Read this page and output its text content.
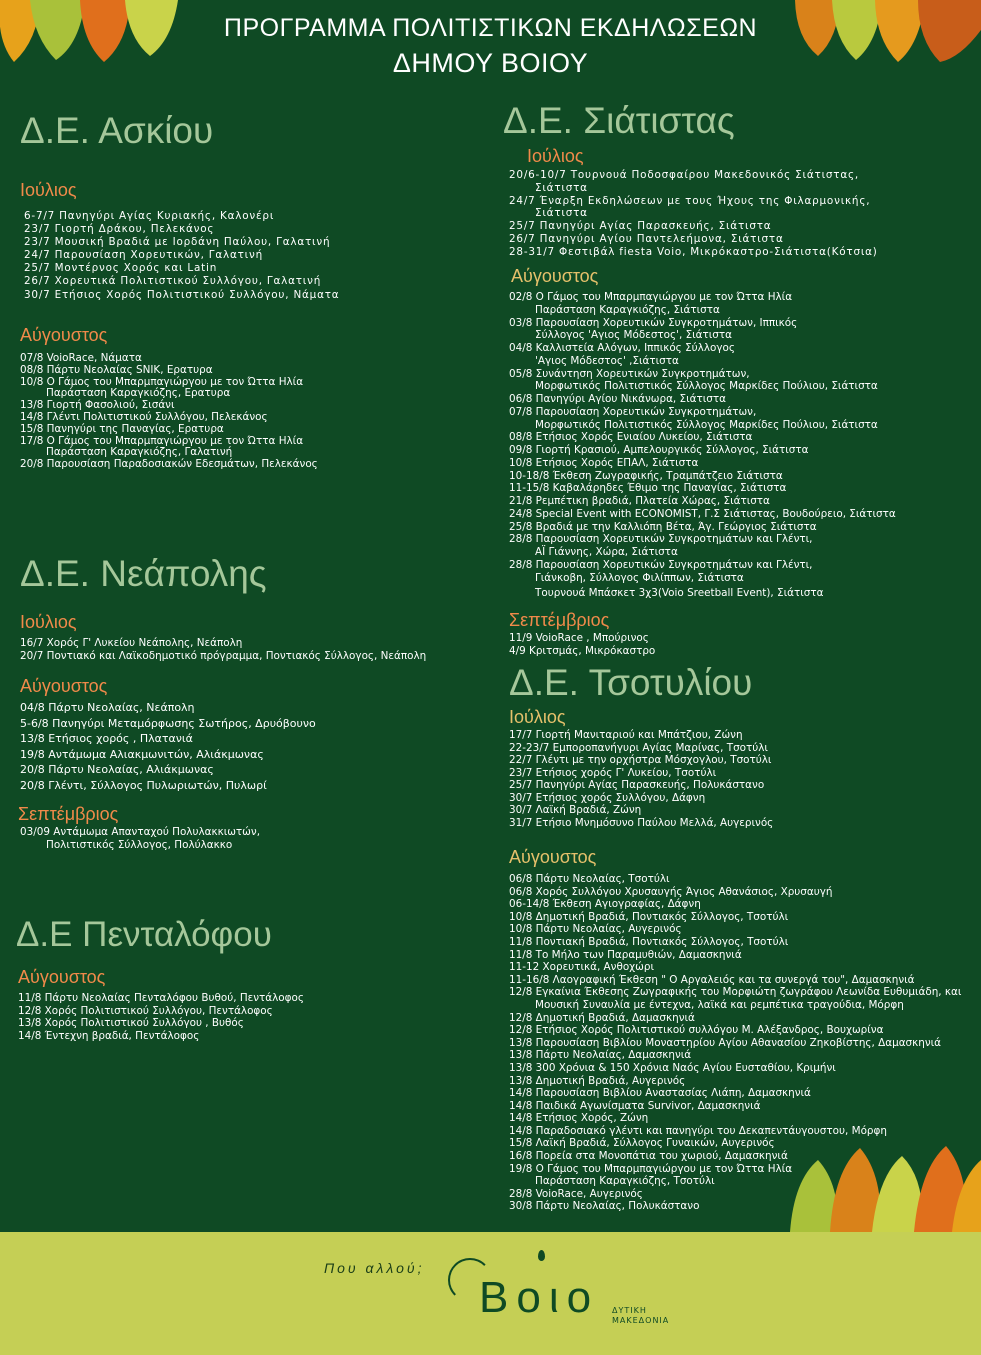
ΠΡΟΓΡΑΜΜΑ ΠΟΛΙΤΙΣΤΙΚΩΝ ΕΚΔΗΛΩΣΕΩΝ
ΔΗΜΟΥ ΒΟΙΟΥ
Δ.Ε. Ασκίου
Ιούλιος
6-7/7 Πανηγύρι Αγίας Κυριακής, Καλονέρι
23/7 Γιορτή Δράκου, Πελεκάνος
23/7 Μουσική Βραδιά με Ιορδάνη Παύλου, Γαλατινή
24/7 Παρουσίαση Χορευτικών, Γαλατινή
25/7 Μοντέρνος Χορός και Latin
26/7 Χορευτικά Πολιτιστικού Συλλόγου, Γαλατινή
30/7 Ετήσιος Χορός Πολιτιστικού Συλλόγου, Νάματα
Αύγουστος
07/8 VoioRace, Νάματα
08/8 Πάρτυ Νεολαίας SNIK, Ερατυρα
10/8 Ο Γάμος του Μπαρμπαγιώργου με τον Ώττα Ηλία
Παράσταση Καραγκιόζης, Ερατυρα
13/8 Γιορτή Φασολιού, Σισάνι
14/8 Γλέντι Πολιτιστικού Συλλόγου, Πελεκάνος
15/8 Πανηγύρι της Παναγίας, Ερατυρα
17/8 Ο Γάμος του Μπαρμπαγιώργου με τον Ώττα Ηλία
Παράσταση Καραγκιόζης, Γαλατινή
20/8 Παρουσίαση Παραδοσιακών Εδεσμάτων, Πελεκάνος
Δ.Ε. Νεάπολης
Ιούλιος
16/7 Χορός Γ' Λυκείου Νεάπολης, Νεάπολη
20/7 Ποντιακό και Λαϊκοδημοτικό πρόγραμμα, Ποντιακός Σύλλογος, Νεάπολη
Αύγουστος
04/8 Πάρτυ Νεολαίας, Νεάπολη
5-6/8 Πανηγύρι Μεταμόρφωσης Σωτήρος, Δρυόβουνο
13/8 Ετήσιος χορός , Πλατανιά
19/8 Αντάμωμα Αλιακμωνιτών, Αλιάκμωνας
20/8 Πάρτυ Νεολαίας, Αλιάκμωνας
20/8 Γλέντι, Σύλλογος Πυλωριωτών, Πυλωρί
Σεπτέμβριος
03/09 Αντάμωμα Απανταχού Πολυλακκιωτών,
Πολιτιστικός Σύλλογος, Πολύλακκο
Δ.Ε Πενταλόφου
Αύγουστος
11/8 Πάρτυ Νεολαίας Πενταλόφου Βυθού, Πεντάλοφος
12/8 Χορός Πολιτιστικού Συλλόγου, Πεντάλοφος
13/8 Χορός Πολιτιστικού Συλλόγου , Βυθός
14/8 Έντεχνη βραδιά, Πεντάλοφος
Δ.Ε. Σιάτιστας
Ιούλιος
20/6-10/7 Τουρνουά Ποδοσφαίρου Μακεδονικός Σιάτιστας,
Σιάτιστα
24/7 Έναρξη Εκδηλώσεων με τους Ήχους της Φιλαρμονικής,
Σιάτιστα
25/7 Πανηγύρι Αγίας Παρασκευής, Σιάτιστα
26/7 Πανηγύρι Αγίου Παντελεήμονα, Σιάτιστα
28-31/7 Φεστιβάλ fiesta Voio, Μικρόκαστρο-Σιάτιστα(Κότσια)
Αύγουστος
02/8 Ο Γάμος του Μπαρμπαγιώργου με τον Ώττα Ηλία
Παράσταση Καραγκιόζης, Σιάτιστα
03/8 Παρουσίαση Χορευτικών Συγκροτημάτων, Ιππικός
Σύλλογος 'Αγιος Μόδεστος', Σιάτιστα
04/8 Καλλιστεία Αλόγων, Ιππικός Σύλλογος
'Αγιος Μόδεστος' ,Σιάτιστα
05/8 Συνάντηση Χορευτικών Συγκροτημάτων,
Μορφωτικός Πολιτιστικός Σύλλογος Μαρκίδες Πούλιου, Σιάτιστα
06/8 Πανηγύρι Αγίου Νικάνωρα, Σιάτιστα
07/8 Παρουσίαση Χορευτικών Συγκροτημάτων,
Μορφωτικός Πολιτιστικός Σύλλογος Μαρκίδες Πούλιου, Σιάτιστα
08/8 Ετήσιος Χορός Ενιαίου Λυκείου, Σιάτιστα
09/8 Γιορτή Κρασιού, Αμπελουργικός Σύλλογος, Σιάτιστα
10/8 Ετήσιος Χορός ΕΠΑΛ, Σιάτιστα
10-18/8 Έκθεση Ζωγραφικής, Τραμπάτζειο Σιάτιστα
11-15/8 Καβαλάρηδες Έθιμο της Παναγίας, Σιάτιστα
21/8 Ρεμπέτικη βραδιά, Πλατεία Χώρας, Σιάτιστα
24/8 Special Event with ECONOMIST, Γ.Σ Σιάτιστας, Βουδούρειο, Σιάτιστα
25/8 Βραδιά με την Καλλιόπη Βέτα, Άγ. Γεώργιος Σιάτιστα
28/8 Παρουσίαση Χορευτικών Συγκροτημάτων και Γλέντι,
ΑΪ Γιάννης, Χώρα, Σιάτιστα
28/8 Παρουσίαση Χορευτικών Συγκροτημάτων και Γλέντι,
Γιάνκοβη, Σύλλογος Φιλίππων, Σιάτιστα
Τουρνουά Μπάσκετ 3χ3(Voio Sreetball Event), Σιάτιστα
Σεπτέμβριος
11/9 VoioRace , Μπούρινος
4/9 Κριτσμάς, Μικρόκαστρο
Δ.Ε. Τσοτυλίου
Ιούλιος
17/7 Γιορτή Μανιταριού και Μπάτζιου, Ζώνη
22-23/7 Εμποροπανήγυρι Αγίας Μαρίνας, Τσοτύλι
22/7 Γλέντι με την ορχήστρα Μόσχογλου, Τσοτύλι
23/7 Ετήσιος χορός Γ' Λυκείου, Τσοτύλι
25/7 Πανηγύρι Αγίας Παρασκευής, Πολυκάστανο
30/7 Ετήσιος χορός Συλλόγου, Δάφνη
30/7 Λαϊκή Βραδιά, Ζώνη
31/7 Ετήσιο Μνημόσυνο Παύλου Μελλά, Αυγερινός
Αύγουστος
06/8 Πάρτυ Νεολαίας, Τσοτύλι
06/8 Χορός Συλλόγου Χρυσαυγής Άγιος Αθανάσιος, Χρυσαυγή
06-14/8 Έκθεση Αγιογραφίας, Δάφνη
10/8 Δημοτική Βραδιά, Ποντιακός Σύλλογος, Τσοτύλι
10/8 Πάρτυ Νεολαίας, Αυγερινός
11/8 Ποντιακή Βραδιά, Ποντιακός Σύλλογος, Τσοτύλι
11/8 Το Μήλο των Παραμυθιών, Δαμασκηνιά
11-12 Χορευτικά, Ανθοχώρι
11-16/8 Λαογραφική Έκθεση " Ο Αργαλειός και τα συνεργά του", Δαμασκηνιά
12/8 Εγκαίνια Έκθεσης Ζωγραφικής του Μορφιώτη ζωγράφου Λεωνίδα Ευθυμιάδη, και
Μουσική Συναυλία με έντεχνα, λαϊκά και ρεμπέτικα τραγούδια, Μόρφη
12/8 Δημοτική Βραδιά, Δαμασκηνιά
12/8 Ετήσιος Χορός Πολιτιστικού συλλόγου Μ. Αλέξανδρος, Βουχωρίνα
13/8 Παρουσίαση Βιβλίου Μοναστηρίου Αγίου Αθανασίου Ζηκοβίστης, Δαμασκηνιά
13/8 Πάρτυ Νεολαίας, Δαμασκηνιά
13/8 300 Χρόνια & 150 Χρόνια Ναός Αγίου Ευσταθίου, Κριμήνι
13/8 Δημοτική Βραδιά, Αυγερινός
14/8 Παρουσίαση Βιβλίου Αναστασίας Λιάπη, Δαμασκηνιά
14/8 Παιδικά Αγωνίσματα Survivor, Δαμασκηνιά
14/8 Ετήσιος Χορός, Ζώνη
14/8 Παραδοσιακό γλέντι και πανηγύρι του Δεκαπεντάυγουστου, Μόρφη
15/8 Λαϊκή Βραδιά, Σύλλογος Γυναικών, Αυγερινός
16/8 Πορεία στα Μονοπάτια του χωριού, Δαμασκηνιά
19/8 Ο Γάμος του Μπαρμπαγιώργου με τον Ώττα Ηλία
Παράσταση Καραγκιόζης, Τσοτύλι
28/8 VoioRace, Αυγερινός
30/8 Πάρτυ Νεολαίας, Πολυκάστανο
Που αλλού;
Βοιο ΔΥΤΙΚΗ
ΜΑΚΕΔΟΝΙΑ
